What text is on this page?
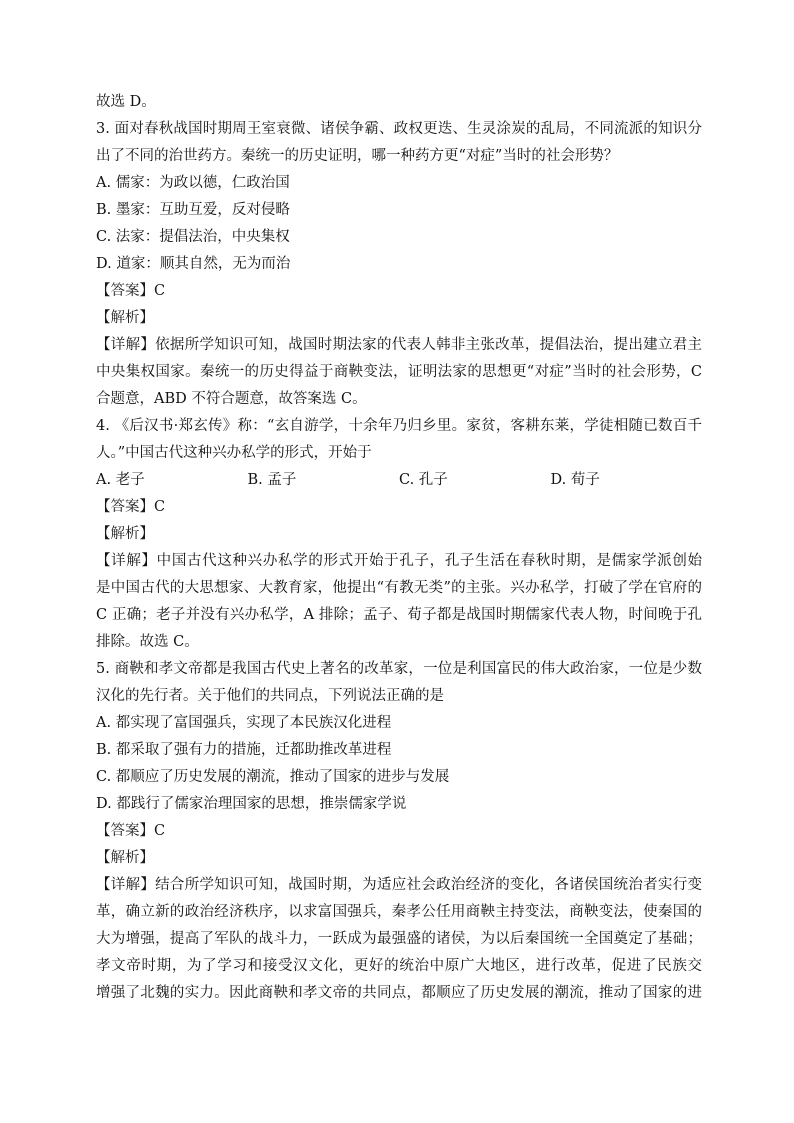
故选 D。
3. 面对春秋战国时期周王室衰微、诸侯争霸、政权更迭、生灵涂炭的乱局，不同流派的知识分
出了不同的治世药方。秦统一的历史证明，哪一种药方更“对症”当时的社会形势？
A. 儒家：为政以德，仁政治国
B. 墨家：互助互爱，反对侵略
C. 法家：提倡法治，中央集权
D. 道家：顺其自然，无为而治
【答案】C
【解析】
【详解】依据所学知识可知，战国时期法家的代表人韩非主张改革，提倡法治，提出建立君主
中央集权国家。秦统一的历史得益于商鞅变法，证明法家的思想更“对症”当时的社会形势，C
合题意，ABD 不符合题意，故答案选 C。
4. 《后汉书·郑玄传》称：“玄自游学，十余年乃归乡里。家贫，客耕东莱，学徒相随已数百千
人。”中国古代这种兴办私学的形式，开始于
A. 老子	B. 孟子	C. 孔子	D. 荀子
【答案】C
【解析】
【详解】中国古代这种兴办私学的形式开始于孔子，孔子生活在春秋时期，是儒家学派创始
是中国古代的大思想家、大教育家，他提出“有教无类”的主张。兴办私学，打破了学在官府的
C 正确；老子并没有兴办私学，A 排除；孟子、荀子都是战国时期儒家代表人物，时间晚于孔
排除。故选 C。
5. 商鞅和孝文帝都是我国古代史上著名的改革家，一位是利国富民的伟大政治家，一位是少数
汉化的先行者。关于他们的共同点，下列说法正确的是
A. 都实现了富国强兵，实现了本民族汉化进程
B. 都采取了强有力的措施，迁都助推改革进程
C. 都顺应了历史发展的潮流，推动了国家的进步与发展
D. 都践行了儒家治理国家的思想，推崇儒家学说
【答案】C
【解析】
【详解】结合所学知识可知，战国时期，为适应社会政治经济的变化，各诸侯国统治者实行变
革，确立新的政治经济秩序，以求富国强兵，秦孝公任用商鞅主持变法，商鞅变法，使秦国的
大为增强，提高了军队的战斗力，一跃成为最强盛的诸侯，为以后秦国统一全国奠定了基础；
孝文帝时期，为了学习和接受汉文化，更好的统治中原广大地区，进行改革，促进了民族交
增强了北魏的实力。因此商鞅和孝文帝的共同点，都顺应了历史发展的潮流，推动了国家的进
